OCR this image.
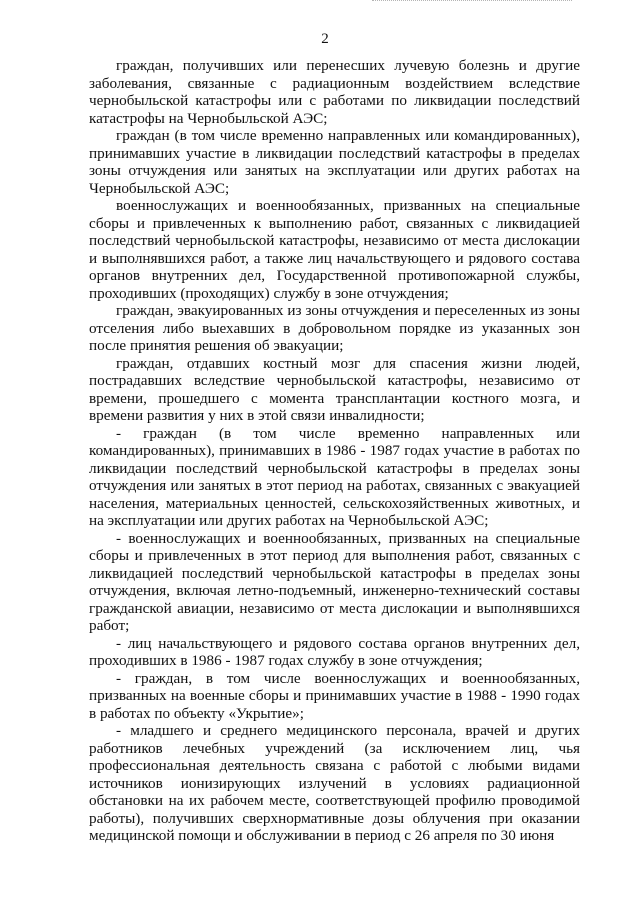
2

граждан, получивших или перенесших лучевую болезнь и другие заболевания, связанные с радиационным воздействием вследствие чернобыльской катастрофы или с работами по ликвидации последствий катастрофы на Чернобыльской АЭС;

граждан (в том числе временно направленных или командированных), принимавших участие в ликвидации последствий катастрофы в пределах зоны отчуждения или занятых на эксплуатации или других работах на Чернобыльской АЭС;

военнослужащих и военнообязанных, призванных на специальные сборы и привлеченных к выполнению работ, связанных с ликвидацией последствий чернобыльской катастрофы, независимо от места дислокации и выполнявшихся работ, а также лиц начальствующего и рядового состава органов внутренних дел, Государственной противопожарной службы, проходивших (проходящих) службу в зоне отчуждения;

граждан, эвакуированных из зоны отчуждения и переселенных из зоны отселения либо выехавших в добровольном порядке из указанных зон после принятия решения об эвакуации;

граждан, отдавших костный мозг для спасения жизни людей, пострадавших вследствие чернобыльской катастрофы, независимо от времени, прошедшего с момента трансплантации костного мозга, и времени развития у них в этой связи инвалидности;

- граждан (в том числе временно направленных или командированных), принимавших в 1986 - 1987 годах участие в работах по ликвидации последствий чернобыльской катастрофы в пределах зоны отчуждения или занятых в этот период на работах, связанных с эвакуацией населения, материальных ценностей, сельскохозяйственных животных, и на эксплуатации или других работах на Чернобыльской АЭС;

- военнослужащих и военнообязанных, призванных на специальные сборы и привлеченных в этот период для выполнения работ, связанных с ликвидацией последствий чернобыльской катастрофы в пределах зоны отчуждения, включая летно-подъемный, инженерно-технический составы гражданской авиации, независимо от места дислокации и выполнявшихся работ;

- лиц начальствующего и рядового состава органов внутренних дел, проходивших в 1986 - 1987 годах службу в зоне отчуждения;

- граждан, в том числе военнослужащих и военнообязанных, призванных на военные сборы и принимавших участие в 1988 - 1990 годах в работах по объекту «Укрытие»;

- младшего и среднего медицинского персонала, врачей и других работников лечебных учреждений (за исключением лиц, чья профессиональная деятельность связана с работой с любыми видами источников ионизирующих излучений в условиях радиационной обстановки на их рабочем месте, соответствующей профилю проводимой работы), получивших сверхнормативные дозы облучения при оказании медицинской помощи и обслуживании в период с 26 апреля по 30 июня
